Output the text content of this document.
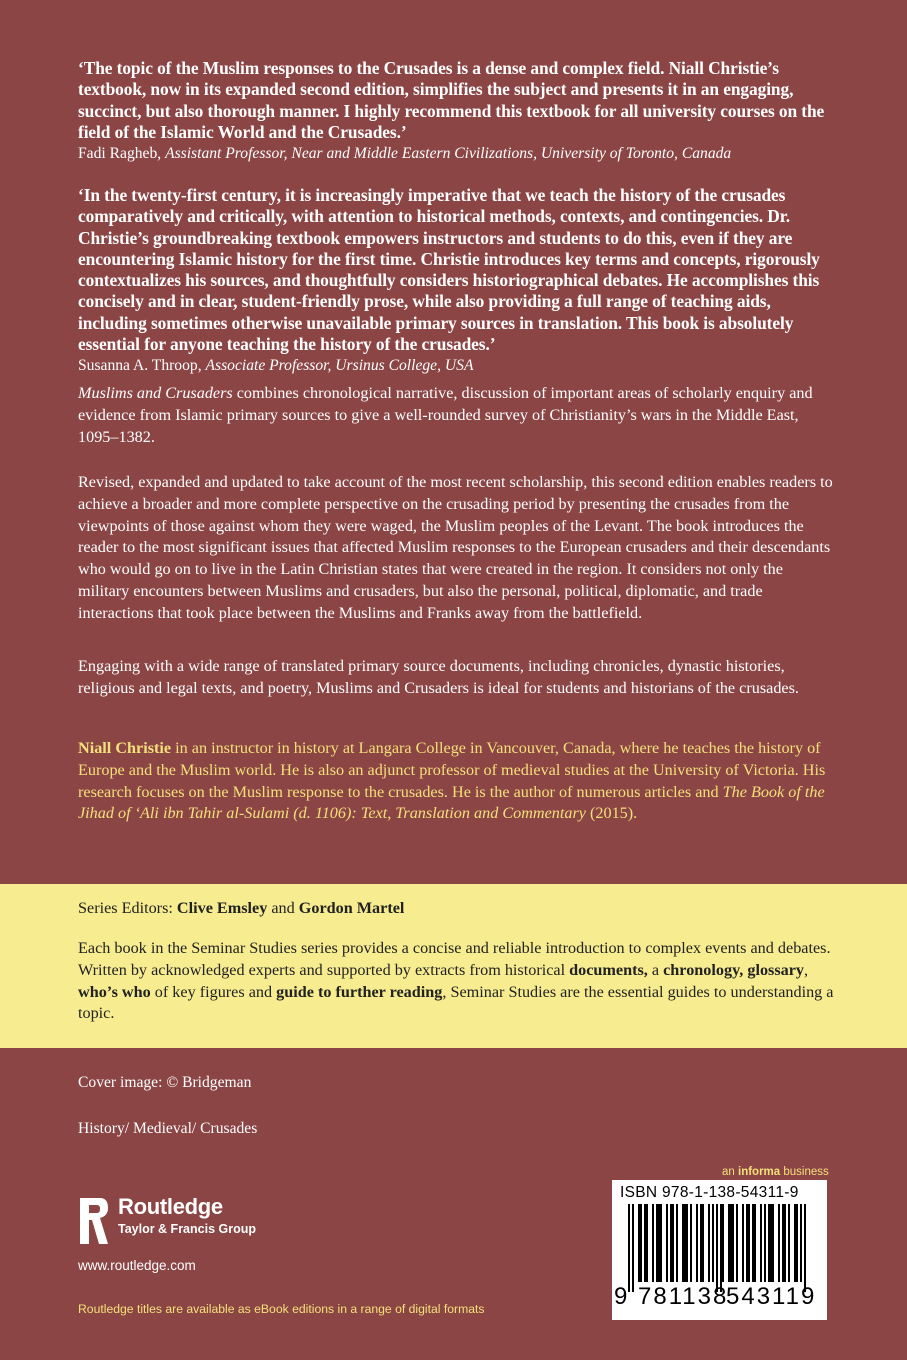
‘The topic of the Muslim responses to the Crusades is a dense and complex field. Niall Christie’s textbook, now in its expanded second edition, simplifies the subject and presents it in an engaging, succinct, but also thorough manner. I highly recommend this textbook for all university courses on the field of the Islamic World and the Crusades.’

Fadi Ragheb, Assistant Professor, Near and Middle Eastern Civilizations, University of Toronto, Canada

‘In the twenty-first century, it is increasingly imperative that we teach the history of the crusades comparatively and critically, with attention to historical methods, contexts, and contingencies. Dr. Christie’s groundbreaking textbook empowers instructors and students to do this, even if they are encountering Islamic history for the first time. Christie introduces key terms and concepts, rigorously contextualizes his sources, and thoughtfully considers historiographical debates. He accomplishes this concisely and in clear, student-friendly prose, while also providing a full range of teaching aids, including sometimes otherwise unavailable primary sources in translation. This book is absolutely essential for anyone teaching the history of the crusades.’

Susanna A. Throop, Associate Professor, Ursinus College, USA

Muslims and Crusaders combines chronological narrative, discussion of important areas of scholarly enquiry and evidence from Islamic primary sources to give a well-rounded survey of Christianity’s wars in the Middle East, 1095–1382.

Revised, expanded and updated to take account of the most recent scholarship, this second edition enables readers to achieve a broader and more complete perspective on the crusading period by presenting the crusades from the viewpoints of those against whom they were waged, the Muslim peoples of the Levant. The book introduces the reader to the most significant issues that affected Muslim responses to the European crusaders and their descendants who would go on to live in the Latin Christian states that were created in the region. It considers not only the military encounters between Muslims and crusaders, but also the personal, political, diplomatic, and trade interactions that took place between the Muslims and Franks away from the battlefield.

Engaging with a wide range of translated primary source documents, including chronicles, dynastic histories, religious and legal texts, and poetry, Muslims and Crusaders is ideal for students and historians of the crusades.

Niall Christie in an instructor in history at Langara College in Vancouver, Canada, where he teaches the history of Europe and the Muslim world. He is also an adjunct professor of medieval studies at the University of Victoria. His research focuses on the Muslim response to the crusades. He is the author of numerous articles and The Book of the Jihad of ‘Ali ibn Tahir al-Sulami (d. 1106): Text, Translation and Commentary (2015).

Series Editors: Clive Emsley and Gordon Martel

Each book in the Seminar Studies series provides a concise and reliable introduction to complex events and debates. Written by acknowledged experts and supported by extracts from historical documents, a chronology, glossary, who’s who of key figures and guide to further reading, Seminar Studies are the essential guides to understanding a topic.

Cover image: © Bridgeman
History/ Medieval/ Crusades
Routledge
Taylor & Francis Group
www.routledge.com
Routledge titles are available as eBook editions in a range of digital formats
an informa business
ISBN 978-1-138-54311-9
9 781138
543119
